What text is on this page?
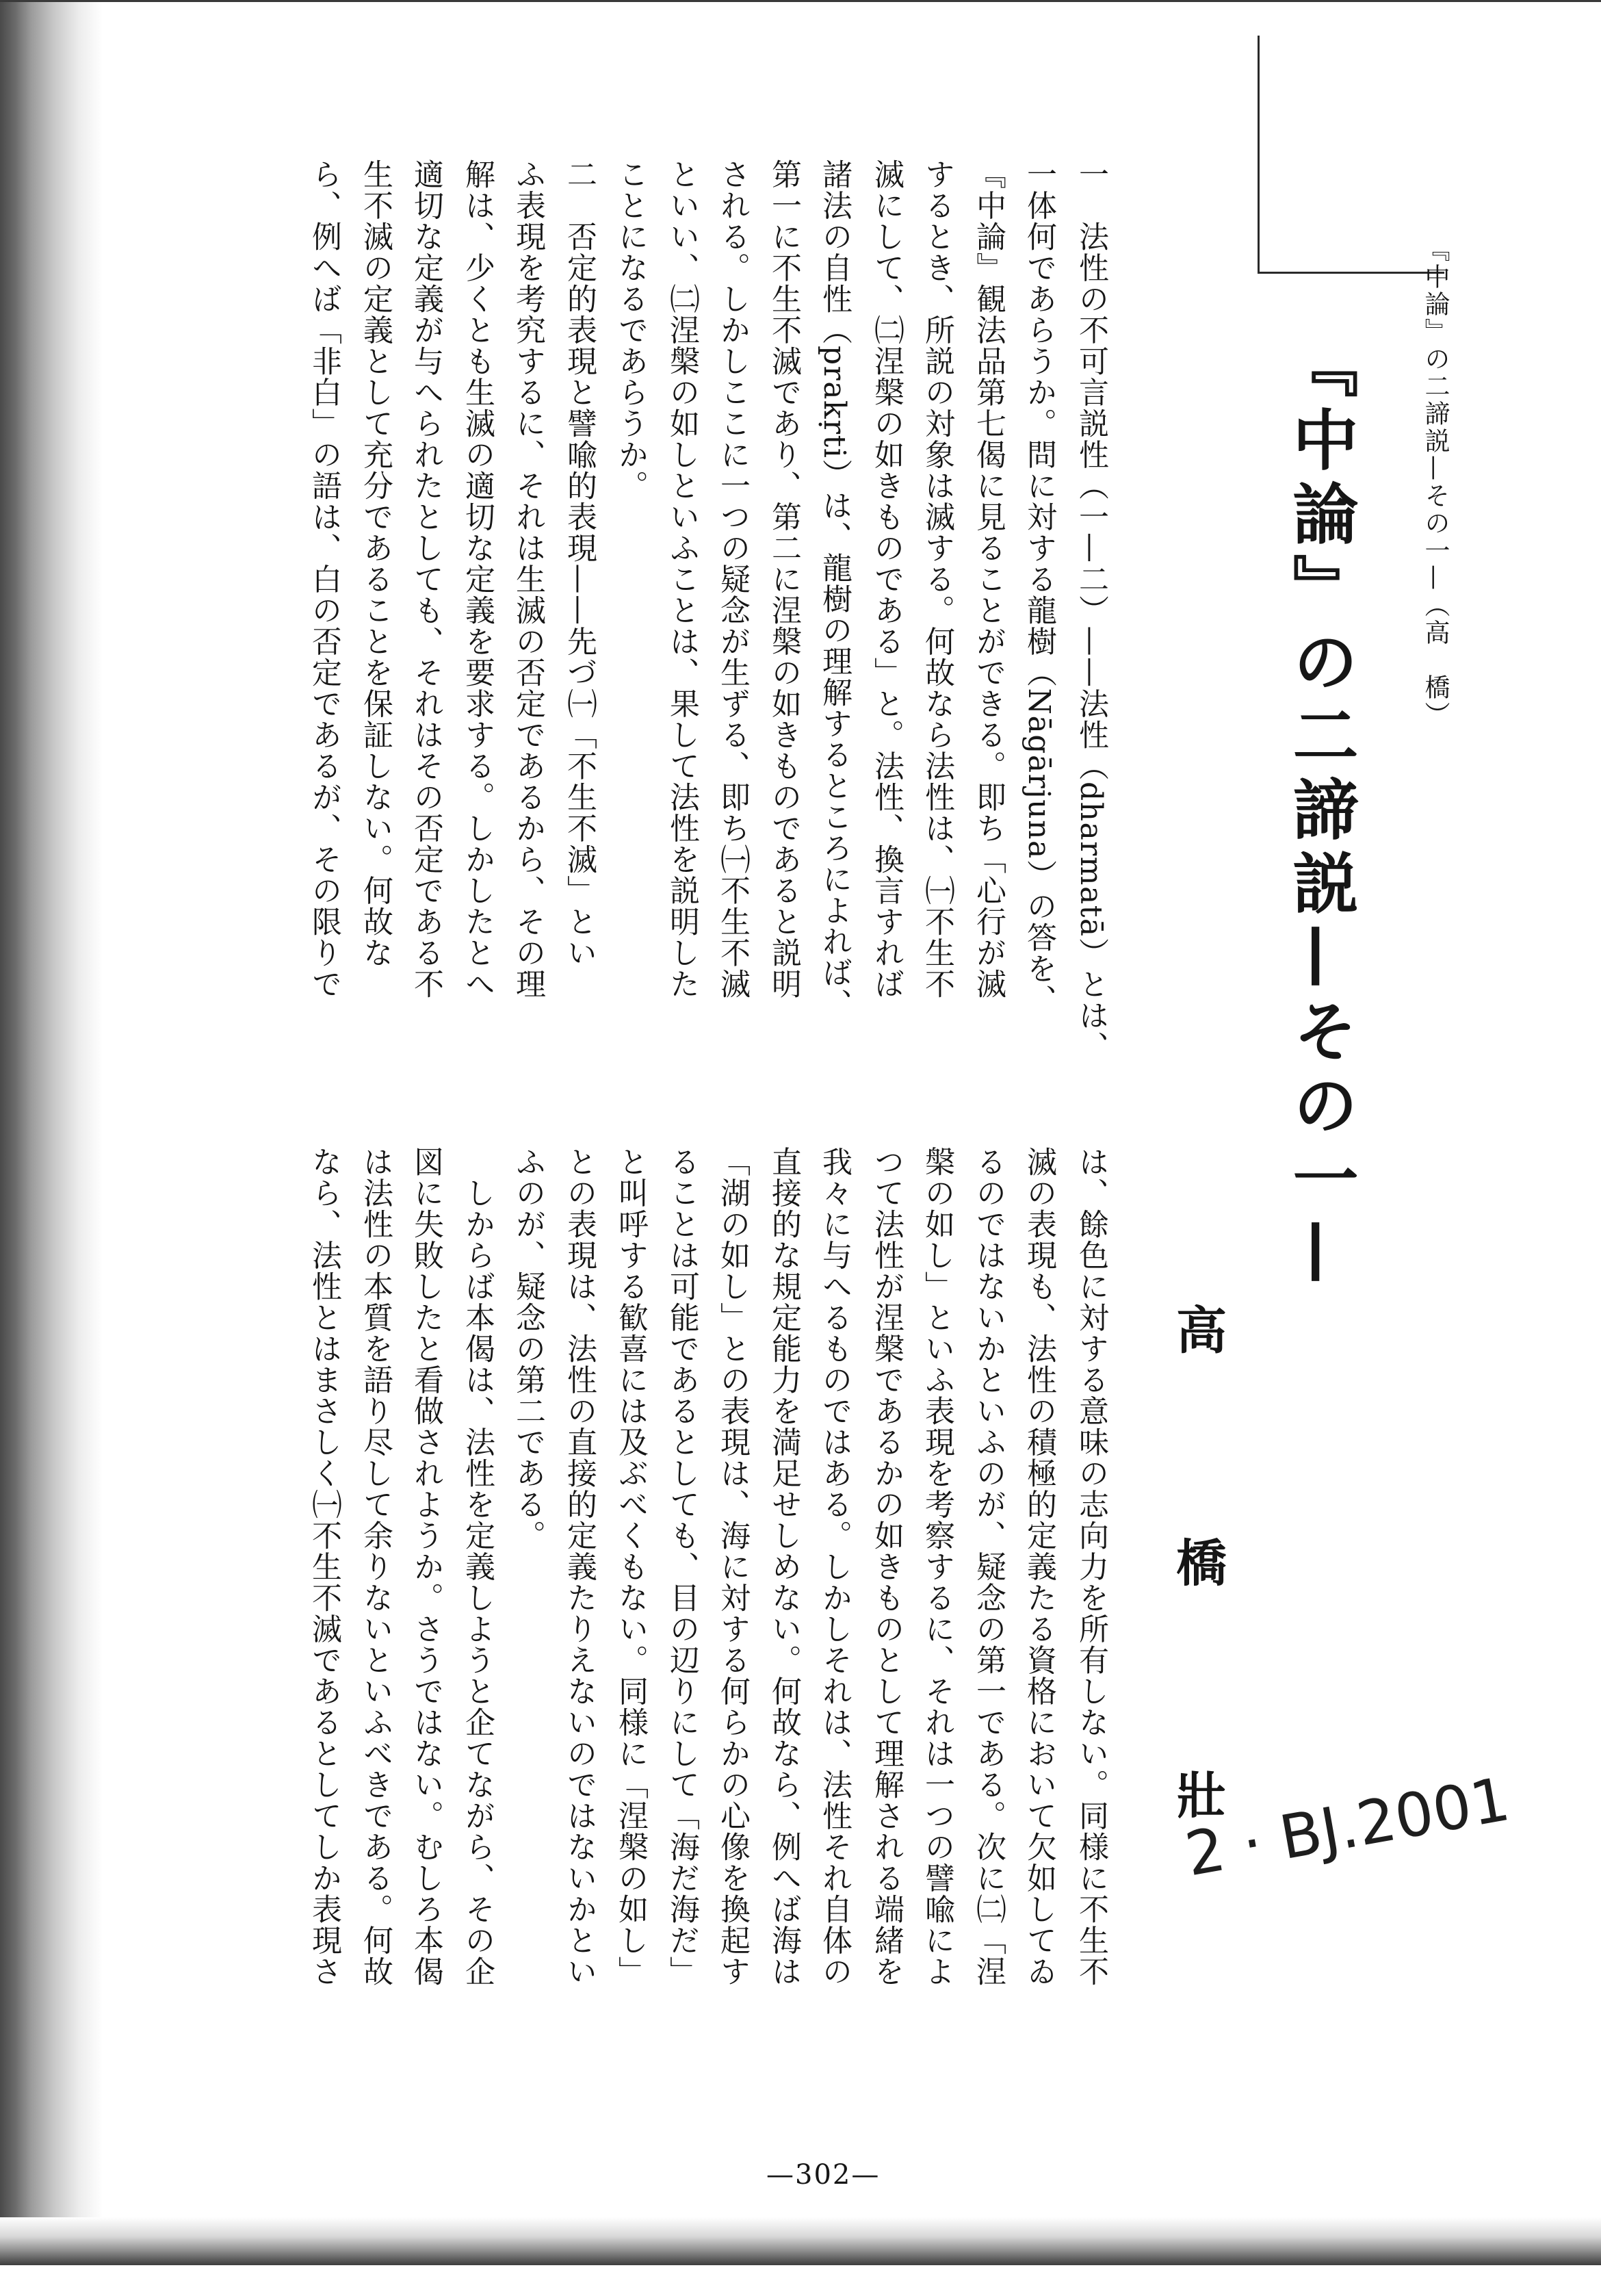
『中論』の二諦説—その一—（高　橋）
『中論』の二諦説—その一—
高 橋 壯
2 · BJ.2001
一　法性の不可言説性（一—二）——法性（dharmatā）とは、
一体何であらうか。問に対する龍樹（Nāgārjuna）の答を、
『中論』観法品第七偈に見ることができる。即ち「心行が滅
するとき、所説の対象は滅する。何故なら法性は、㈠不生不
滅にして、㈡涅槃の如きものである」と。法性、換言すれば
諸法の自性（prakṛti）は、龍樹の理解するところによれば、
第一に不生不滅であり、第二に涅槃の如きものであると説明
される。しかしここに一つの疑念が生ずる、即ち㈠不生不滅
といい、㈡涅槃の如しといふことは、果して法性を説明した
ことになるであらうか。
二　否定的表現と譬喩的表現——先づ㈠「不生不滅」とい
ふ表現を考究するに、それは生滅の否定であるから、その理
解は、少くとも生滅の適切な定義を要求する。しかしたとへ
適切な定義が与へられたとしても、それはその否定である不
生不滅の定義として充分であることを保証しない。何故な
ら、例へば「非白」の語は、白の否定であるが、その限りで
は、餘色に対する意味の志向力を所有しない。同様に不生不
滅の表現も、法性の積極的定義たる資格において欠如してゐ
るのではないかといふのが、疑念の第一である。次に㈡「涅
槃の如し」といふ表現を考察するに、それは一つの譬喩によ
つて法性が涅槃であるかの如きものとして理解される端緒を
我々に与へるものではある。しかしそれは、法性それ自体の
直接的な規定能力を満足せしめない。何故なら、例へば海は
「湖の如し」との表現は、海に対する何らかの心像を換起す
ることは可能であるとしても、目の辺りにして「海だ海だ」
と叫呼する歓喜には及ぶべくもない。同様に「涅槃の如し」
との表現は、法性の直接的定義たりえないのではないかとい
ふのが、疑念の第二である。
　しからば本偈は、法性を定義しようと企てながら、その企
図に失敗したと看做されようか。さうではない。むしろ本偈
は法性の本質を語り尽して余りないといふべきである。何故
なら、法性とはまさしく㈠不生不滅であるとしてしか表現さ
—302—
